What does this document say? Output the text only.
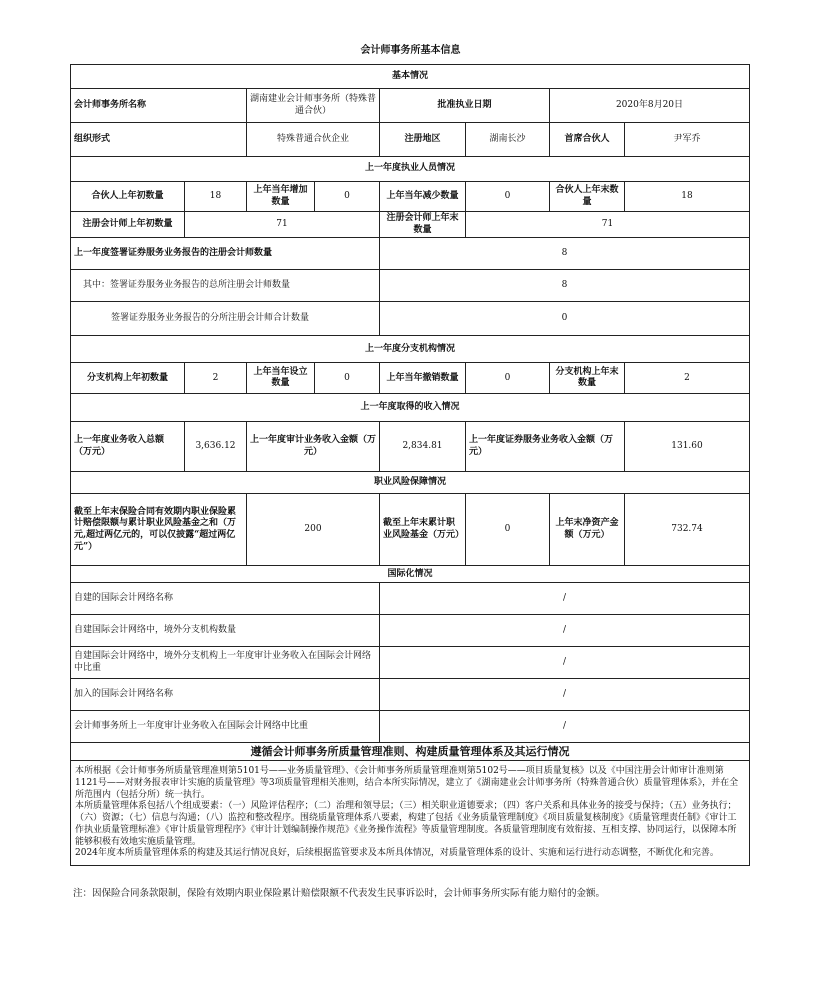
会计师事务所基本信息
基本情况							
会计师事务所名称		湖南建业会计师事务所（特殊普通合伙）		批准执业日期		2020年8月20日	
组织形式		特殊普通合伙企业		注册地区	湖南长沙	首席合伙人	尹军乔
上一年度执业人员情况							
合伙人上年初数量	18	上年当年增加数量	0	上年当年减少数量	0	合伙人上年末数量	18
注册会计师上年初数量	71			注册会计师上年末数量	71		
上一年度签署证券服务业务报告的注册会计师数量				8			
其中：签署证券服务业务报告的总所注册会计师数量				8			
签署证券服务业务报告的分所注册会计师合计数量				0			
上一年度分支机构情况							
分支机构上年初数量	2	上年当年设立数量	0	上年当年撤销数量	0	分支机构上年末数量	2
上一年度取得的收入情况							
上一年度业务收入总额（万元）	3,636.12	上一年度审计业务收入金额（万元）		2,834.81	上一年度证券服务业务收入金额（万元）		131.60
职业风险保障情况							
截至上年末保险合同有效期内职业保险累计赔偿限额与累计职业风险基金之和（万元,超过两亿元的，可以仅披露“超过两亿元”）		200		截至上年末累计职业风险基金（万元）	0	上年末净资产金额（万元）	732.74
国际化情况							
自建的国际会计网络名称				/			
自建国际会计网络中，境外分支机构数量				/			
自建国际会计网络中，境外分支机构上一年度审计业务收入在国际会计网络中比重				/			
加入的国际会计网络名称				/			
会计师事务所上一年度审计业务收入在国际会计网络中比重				/			
遵循会计师事务所质量管理准则、构建质量管理体系及其运行情况							

本所根据《会计师事务所质量管理准则第5101号——业务质量管理》、《会计师事务所质量管理准则第5102号——项目质量复核》以及《中国注册会计师审计准则第1121号——对财务报表审计实施的质量管理》等3项质量管理相关准则，结合本所实际情况，建立了《湖南建业会计师事务所（特殊普通合伙）质量管理体系》，并在全所范围内（包括分所）统一执行。

本所质量管理体系包括八个组成要素：（一）风险评估程序；（二）治理和领导层；（三）相关职业道德要求；（四）客户关系和具体业务的接受与保持；（五）业务执行；（六）资源；（七）信息与沟通；（八）监控和整改程序。围绕质量管理体系八要素，构建了包括《业务质量管理制度》《项目质量复核制度》《质量管理责任制》《审计工作执业质量管理标准》《审计质量管理程序》《审计计划编制操作规范》《业务操作流程》等质量管理制度。各质量管理制度有效衔接、互相支撑、协同运行，以保障本所能够积极有效地实施质量管理。

2024年度本所质量管理体系的构建及其运行情况良好，后续根据监管要求及本所具体情况，对质量管理体系的设计、实施和运行进行动态调整，不断优化和完善。							

注：因保险合同条款限制，保险有效期内职业保险累计赔偿限额不代表发生民事诉讼时，会计师事务所实际有能力赔付的金额。
